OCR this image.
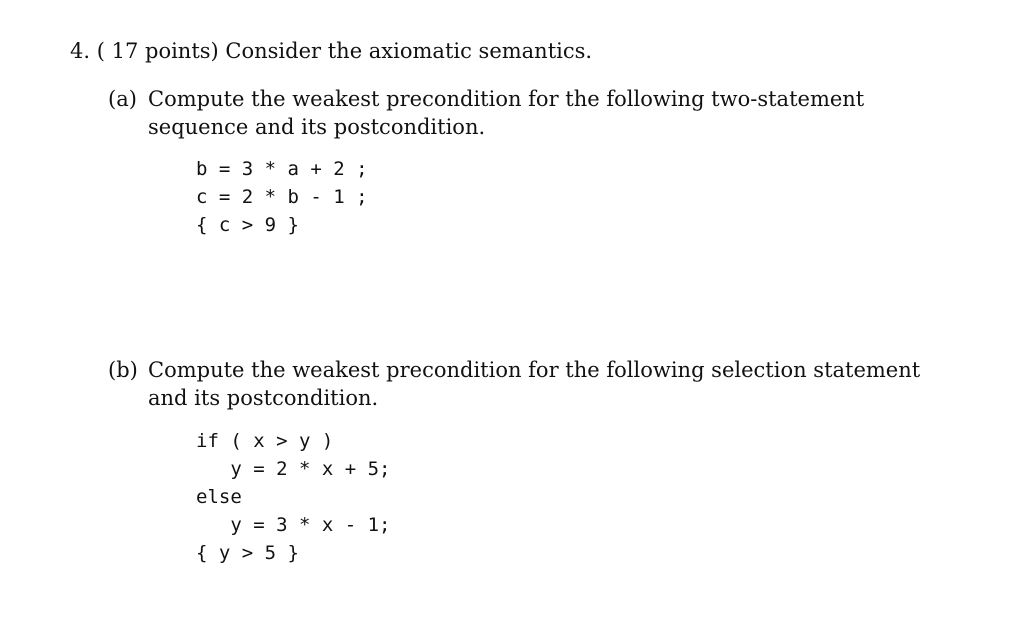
4. ( 17 points) Consider the axiomatic semantics.
(a) Compute the weakest precondition for the following two-statement sequence and its postcondition.
b = 3 * a + 2 ;
c = 2 * b - 1 ;
{ c > 9 }
(b) Compute the weakest precondition for the following selection statement and its postcondition.
if ( x > y )
y = 2 * x + 5;
else
y = 3 * x - 1;
{ y > 5 }
